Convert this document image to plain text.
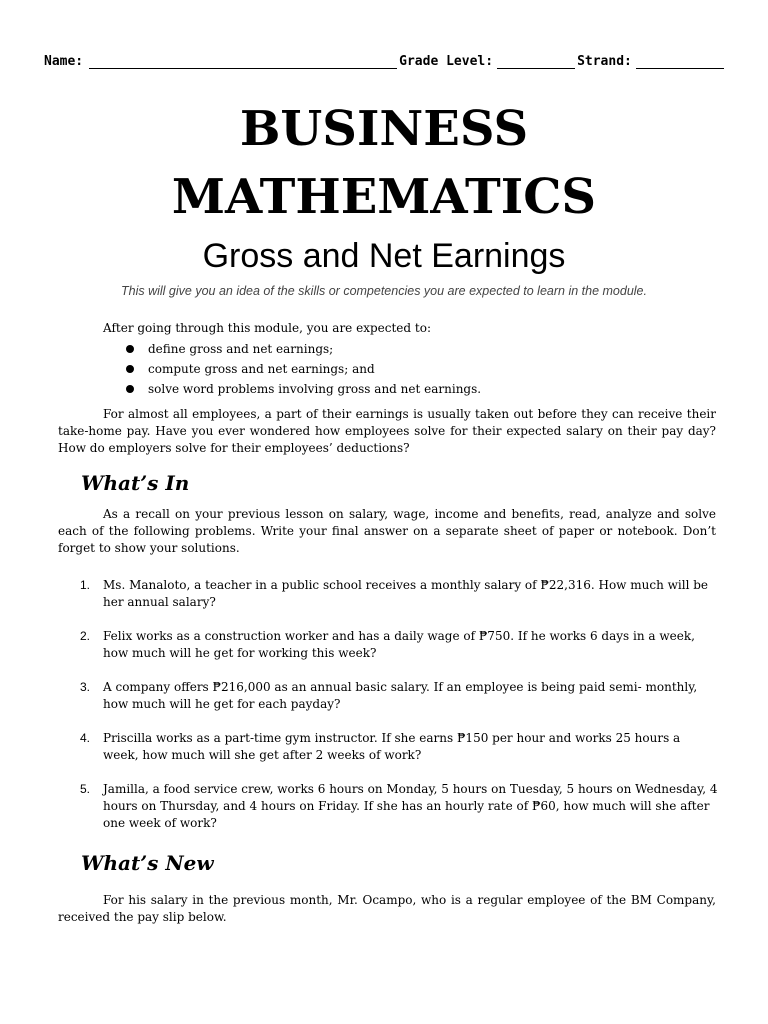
Name:	Grade Level:	Strand:
BUSINESS
MATHEMATICS
Gross and Net Earnings
This will give you an idea of the skills or competencies you are expected to learn in the module.
After going through this module, you are expected to:
define gross and net earnings;
compute gross and net earnings; and
solve word problems involving gross and net earnings.
For almost all employees, a part of their earnings is usually taken out before they can receive their take-home pay. Have you ever wondered how employees solve for their expected salary on their pay day? How do employers solve for their employees’ deductions?
What’s In
As a recall on your previous lesson on salary, wage, income and benefits, read, analyze and solve each of the following problems. Write your final answer on a separate sheet of paper or notebook. Don’t forget to show your solutions.
1. Ms. Manaloto, a teacher in a public school receives a monthly salary of ₱22,316. How much will be her annual salary?
2. Felix works as a construction worker and has a daily wage of ₱750. If he works 6 days in a week, how much will he get for working this week?
3. A company offers ₱216,000 as an annual basic salary. If an employee is being paid semi- monthly, how much will he get for each payday?
4. Priscilla works as a part-time gym instructor. If she earns ₱150 per hour and works 25 hours a week, how much will she get after 2 weeks of work?
5. Jamilla, a food service crew, works 6 hours on Monday, 5 hours on Tuesday, 5 hours on Wednesday, 4 hours on Thursday, and 4 hours on Friday. If she has an hourly rate of ₱60, how much will she after one week of work?
What’s New
For his salary in the previous month, Mr. Ocampo, who is a regular employee of the BM Company, received the pay slip below.
